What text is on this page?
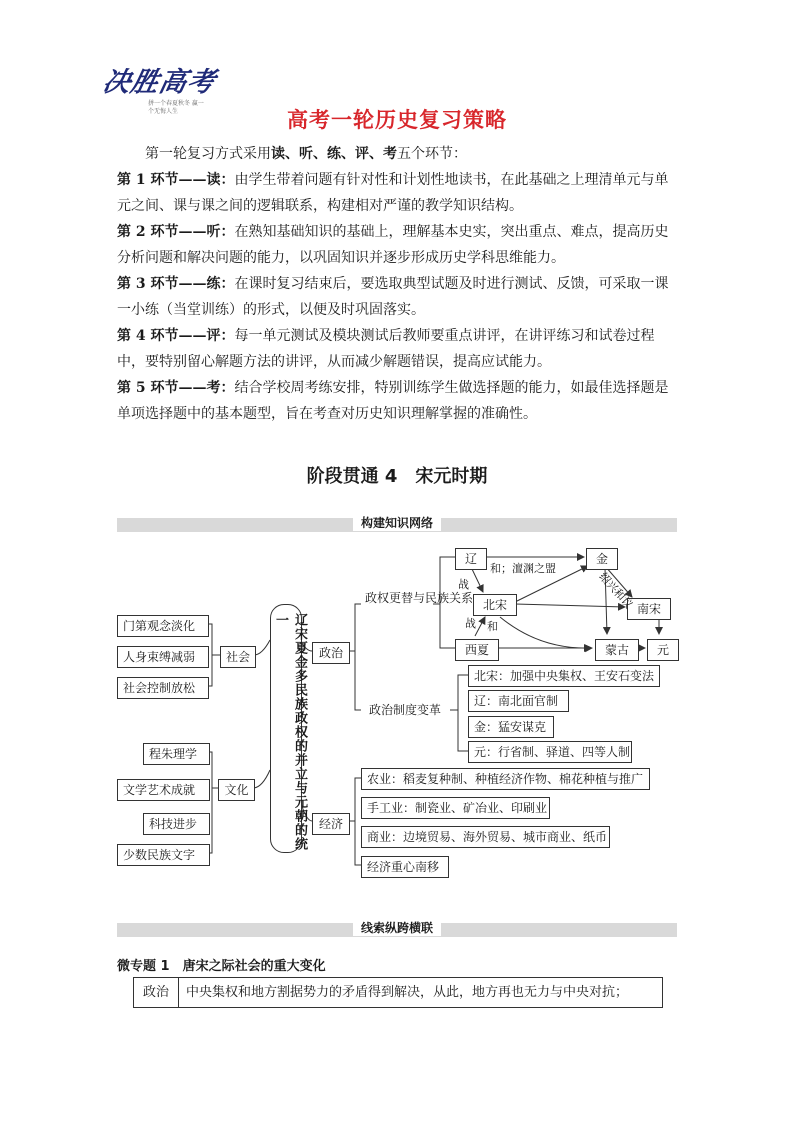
决胜高考
拼一个春夏秋冬 赢一个无悔人生	高考一轮历史复习策略
第一轮复习方式采用读、听、练、评、考五个环节：
第 1 环节——读：由学生带着问题有针对性和计划性地读书，在此基础之上理清单元与单元之间、课与课之间的逻辑联系，构建相对严谨的教学知识结构。
第 2 环节——听：在熟知基础知识的基础上，理解基本史实，突出重点、难点，提高历史分析问题和解决问题的能力，以巩固知识并逐步形成历史学科思维能力。
第 3 环节——练：在课时复习结束后，要选取典型试题及时进行测试、反馈，可采取一课一小练（当堂训练）的形式，以便及时巩固落实。
第 4 环节——评：每一单元测试及模块测试后教师要重点讲评，在讲评练习和试卷过程中，要特别留心解题方法的讲评，从而减少解题错误，提高应试能力。
第 5 环节——考：结合学校周考练安排，特别训练学生做选择题的能力，如最佳选择题是单项选择题中的基本题型，旨在考查对历史知识理解掌握的准确性。
阶段贯通 4　宋元时期
构建知识网络
门第观念淡化
人身束缚减弱
社会控制放松
社会
程朱理学
文学艺术成就
科技进步
少数民族文字
文化	辽宋夏金多民族政权的并立与元朝的统一
政治
政权更替与民族关系
政治制度变革
北宋：加强中央集权、王安石变法
辽：南北面官制
金：猛安谋克
元：行省制、驿道、四等人制
辽	金
北宋	南宋
西夏	蒙古	元
和；澶渊之盟
战
战 和
绍兴和议
经济
农业：稻麦复种制、种植经济作物、棉花种植与推广
手工业：制瓷业、矿冶业、印刷业
商业：边境贸易、海外贸易、城市商业、纸币
经济重心南移
线索纵跨横联
微专题 1　唐宋之际社会的重大变化
政治	中央集权和地方割据势力的矛盾得到解决，从此，地方再也无力与中央对抗；
